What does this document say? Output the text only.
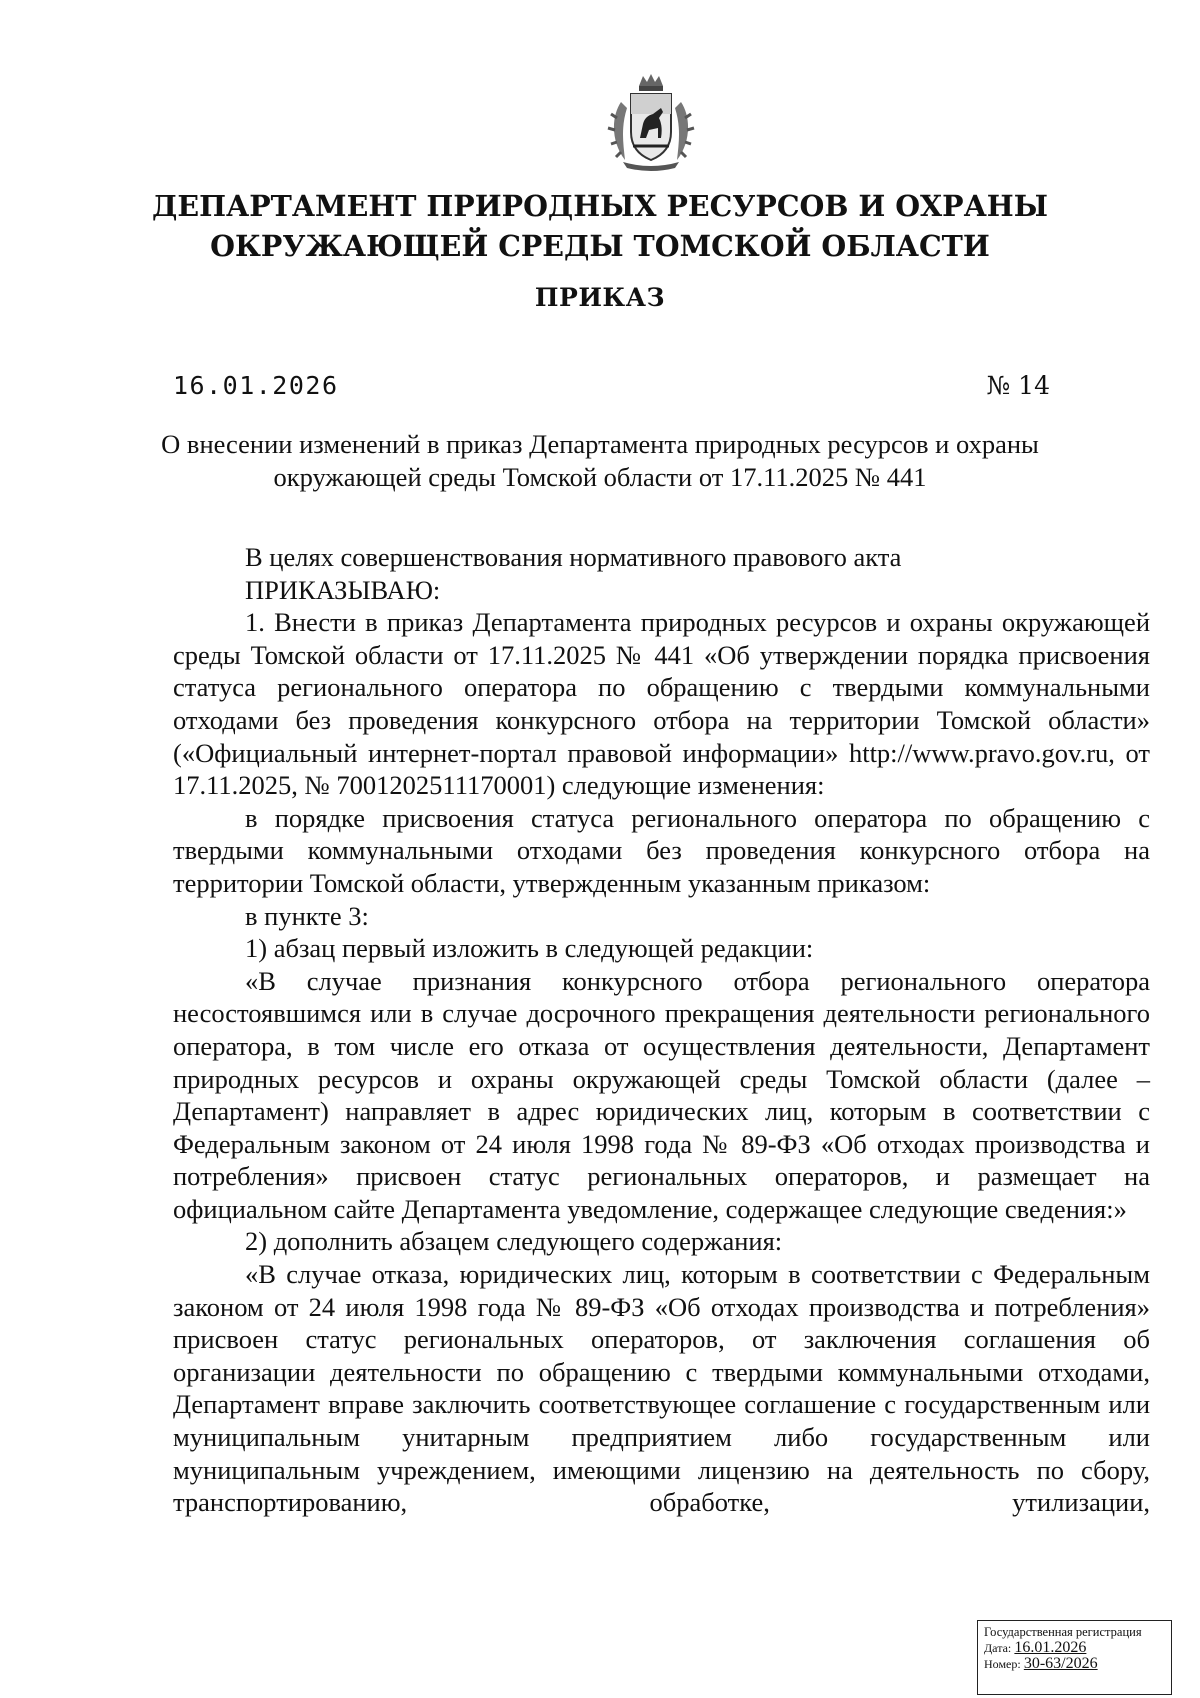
ДЕПАРТАМЕНТ ПРИРОДНЫХ РЕСУРСОВ И ОХРАНЫ
ОКРУЖАЮЩЕЙ СРЕДЫ ТОМСКОЙ ОБЛАСТИ
ПРИКАЗ
16.01.2026	№ 14
О внесении изменений в приказ Департамента природных ресурсов и охраны
окружающей среды Томской области от 17.11.2025 № 441

В целях совершенствования нормативного правового акта

ПРИКАЗЫВАЮ:

1. Внести в приказ Департамента природных ресурсов и охраны окружающей среды Томской области от 17.11.2025 № 441 «Об утверждении порядка присвоения статуса регионального оператора по обращению с твердыми коммунальными отходами без проведения конкурсного отбора на территории Томской области» («Официальный интернет-портал правовой информации» http://www.pravo.gov.ru, от 17.11.2025, № 7001202511170001) следующие изменения:

в порядке присвоения статуса регионального оператора по обращению с твердыми коммунальными отходами без проведения конкурсного отбора на территории Томской области, утвержденным указанным приказом:

в пункте 3:

1) абзац первый изложить в следующей редакции:

«В случае признания конкурсного отбора регионального оператора несостоявшимся или в случае досрочного прекращения деятельности регионального оператора, в том числе его отказа от осуществления деятельности, Департамент природных ресурсов и охраны окружающей среды Томской области (далее – Департамент) направляет в адрес юридических лиц, которым в соответствии с Федеральным законом от 24 июля 1998 года № 89-ФЗ «Об отходах производства и потребления» присвоен статус региональных операторов, и размещает на официальном сайте Департамента уведомление, содержащее следующие сведения:»

2) дополнить абзацем следующего содержания:

«В случае отказа, юридических лиц, которым в соответствии с Федеральным законом от 24 июля 1998 года № 89-ФЗ «Об отходах производства и потребления» присвоен статус региональных операторов, от заключения соглашения об организации деятельности по обращению с твердыми коммунальными отходами, Департамент вправе заключить соответствующее соглашение с государственным или муниципальным унитарным предприятием либо государственным или муниципальным учреждением, имеющими лицензию на деятельность по сбору, транспортированию, обработке, утилизации,

Государственная регистрация
Дата: 16.01.2026
Номер: 30-63/2026
